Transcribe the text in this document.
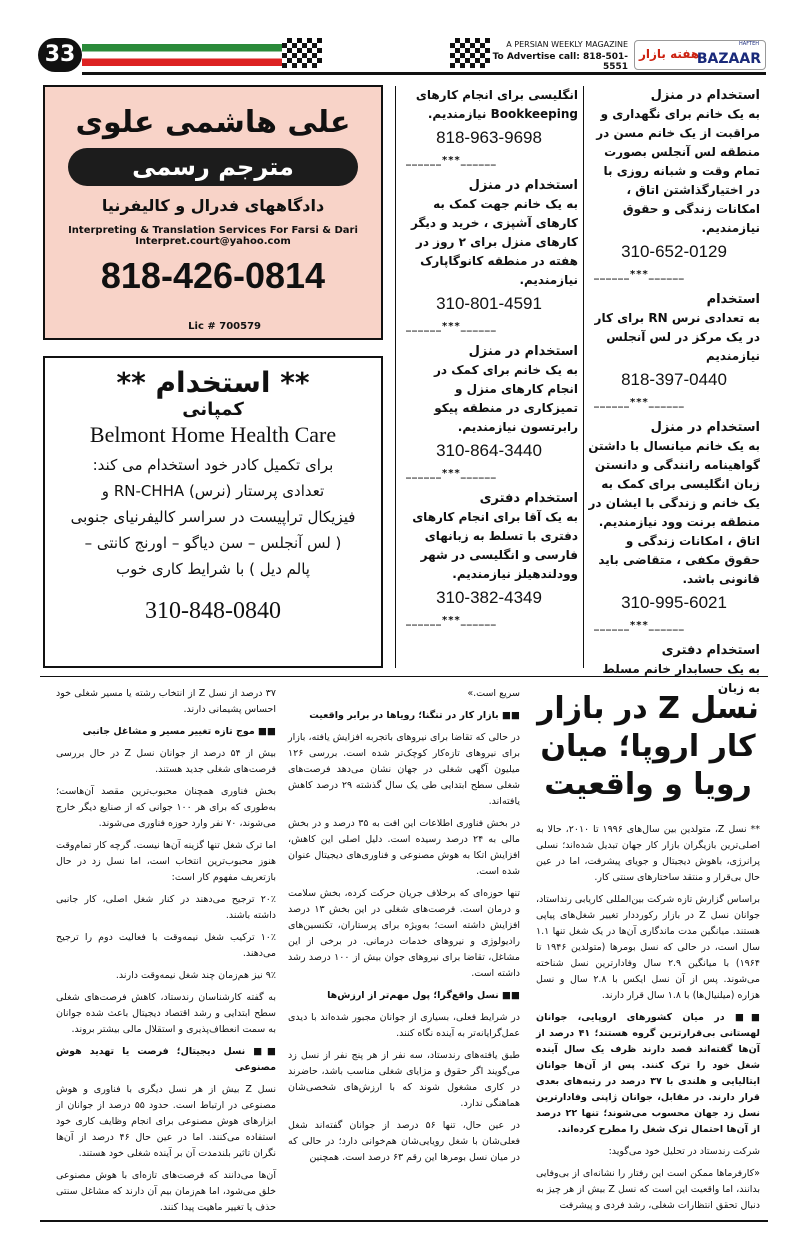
33	A PERSIAN WEEKLY MAGAZINE
To Advertise call: 818-501-5551
هفته بازار
HAFTEH
BAZAAR
علی هاشمی علوی
مترجم رسمی
دادگاههای فدرال و کالیفرنیا
Interpreting & Translation Services For Farsi & Dari
Interpret.court@yahoo.com
818-426-0814
Lic # 700579
** استخدام **
کمپانی
Belmont Home Health Care
برای تکمیل کادر خود استخدام می کند:
تعدادی پرستار (نرس) RN-CHHA و
فیزیکال تراپیست در سراسر کالیفرنیای جنوبی
( لس آنجلس – سن دیاگو – اورنج کانتی –
پالم دیل ) با شرایط کاری خوب
310-848-0840
استخدام در منزل
به یک خانم برای نگهداری و مراقبت از یک خانم مسن در منطقه لس آنجلس بصورت تمام وقت و شبانه روزی با در اختیارگذاشتن اتاق ، امکانات زندگی و حقوق نیازمندیم.
310-652-0129
______***______
استخدام
به تعدادی نرس RN برای کار در یک مرکز در لس آنجلس نیازمندیم
818-397-0440
______***______
استخدام در منزل
به یک خانم میانسال با داشتن گواهینامه رانندگی و دانستن زبان انگلیسی برای کمک به یک خانم و زندگی با ایشان در منطقه برنت وود نیازمندیم. اتاق ، امکانات زندگی و حقوق مکفی ، متقاضی باید قانونی باشد.
310-995-6021
______***______
استخدام دفتری
به یک حسابدار خانم مسلط به زبان
انگلیسی برای انجام کارهای Bookkeeping نیازمندیم.
818-963-9698
______***______
استخدام در منزل
به یک خانم جهت کمک به کارهای آشپزی ، خرید و دیگر کارهای منزل برای ۲ روز در هفته در منطقه کانوگاپارک نیازمندیم.
310-801-4591
______***______
استخدام در منزل
به یک خانم برای کمک در انجام کارهای منزل و تمیزکاری در منطقه پیکو رابرتسون نیازمندیم.
310-864-3440
______***______
استخدام دفتری
به یک آقا برای انجام کارهای دفتری با تسلط به زبانهای فارسی و انگلیسی در شهر وودلندهیلز نیازمندیم.
310-382-4349
______***______
نسل Z در بازار کار اروپا؛ میان رویا و واقعیت

** نسل Z، متولدین بین سال‌های ۱۹۹۶ تا ۲۰۱۰، حالا به اصلی‌ترین بازیگران بازار کار جهان تبدیل شده‌اند؛ نسلی پرانرژی، باهوش دیجیتال و جویای پیشرفت، اما در عین حال بی‌قرار و منتقد ساختارهای سنتی کار.

براساس گزارش تازه شرکت بین‌المللی کاریابی رنداستاد، جوانان نسل Z در بازار رکورددار تغییر شغل‌های پیاپی هستند. میانگین مدت ماندگاری آن‌ها در یک شغل تنها ۱.۱ سال است، در حالی که نسل بومرها (متولدین ۱۹۴۶ تا ۱۹۶۴) با میانگین ۲.۹ سال وفادارترین نسل شناخته می‌شوند. پس از آن نسل ایکس با ۲.۸ سال و نسل هزاره (میلنیال‌ها) با ۱.۸ سال قرار دارند.

■■ در میان کشورهای اروپایی، جوانان لهستانی بی‌قرارترین گروه هستند؛ ۴۱ درصد از آن‌ها گفته‌اند قصد دارند ظرف یک سال آینده شغل خود را ترک کنند. پس از آن‌ها جوانان ایتالیایی و هلندی با ۳۷ درصد در رتبه‌های بعدی قرار دارند. در مقابل، جوانان ژاپنی وفادارترین نسل زد جهان محسوب می‌شوند؛ تنها ۲۲ درصد از آن‌ها احتمال ترک شغل را مطرح کرده‌اند.

شرکت رندستاد در تحلیل خود می‌گوید:

«کارفرماها ممکن است این رفتار را نشانه‌ای از بی‌وفایی بدانند، اما واقعیت این است که نسل Z بیش از هر چیز به دنبال تحقق انتظارات شغلی، رشد فردی و پیشرفت

سریع است.»

■■ بازار کار در تنگنا؛ رویاها در برابر واقعیت

در حالی که تقاضا برای نیروهای باتجربه افزایش یافته، بازار برای نیروهای تازه‌کار کوچک‌تر شده است. بررسی ۱۲۶ میلیون آگهی شغلی در جهان نشان می‌دهد فرصت‌های شغلی سطح ابتدایی طی یک سال گذشته ۲۹ درصد کاهش یافته‌اند.

در بخش فناوری اطلاعات این افت به ۳۵ درصد و در بخش مالی به ۲۴ درصد رسیده است. دلیل اصلی این کاهش، افزایش اتکا به هوش مصنوعی و فناوری‌های دیجیتال عنوان شده است.

تنها حوزه‌ای که برخلاف جریان حرکت کرده، بخش سلامت و درمان است. فرصت‌های شغلی در این بخش ۱۳ درصد افزایش داشته است؛ به‌ویژه برای پرستاران، تکنسین‌های رادیولوژی و نیروهای خدمات درمانی. در برخی از این مشاغل، تقاضا برای نیروهای جوان بیش از ۱۰۰ درصد رشد داشته است.

■■ نسل واقع‌گرا؛ پول مهم‌تر از ارزش‌ها

در شرایط فعلی، بسیاری از جوانان مجبور شده‌اند با دیدی عمل‌گرایانه‌تر به آینده نگاه کنند.

طبق یافته‌های رندستاد، سه نفر از هر پنج نفر از نسل زد می‌گویند اگر حقوق و مزایای شغلی مناسب باشد، حاضرند در کاری مشغول شوند که با ارزش‌های شخصی‌شان هماهنگی ندارد.

در عین حال، تنها ۵۶ درصد از جوانان گفته‌اند شغل فعلی‌شان با شغل رویایی‌شان هم‌خوانی دارد؛ در حالی که در میان نسل بومرها این رقم ۶۳ درصد است. همچنین

۳۷ درصد از نسل Z از انتخاب رشته یا مسیر شغلی خود احساس پشیمانی دارند.

■■ موج تازه تغییر مسیر و مشاغل جانبی

بیش از ۵۴ درصد از جوانان نسل Z در حال بررسی فرصت‌های شغلی جدید هستند.

بخش فناوری همچنان محبوب‌ترین مقصد آن‌هاست؛ به‌طوری که برای هر ۱۰۰ جوانی که از صنایع دیگر خارج می‌شوند، ۷۰ نفر وارد حوزه فناوری می‌شوند.

اما ترک شغل تنها گزینه آن‌ها نیست. گرچه کار تمام‌وقت هنوز محبوب‌ترین انتخاب است، اما نسل زد در حال بازتعریف مفهوم کار است:

۲۰٪ ترجیح می‌دهند در کنار شغل اصلی، کار جانبی داشته باشند.

۱۰٪ ترکیب شغل نیمه‌وقت با فعالیت دوم را ترجیح می‌دهند.

۹٪ نیز هم‌زمان چند شغل نیمه‌وقت دارند.

به گفته کارشناسان رندستاد، کاهش فرصت‌های شغلی سطح ابتدایی و رشد اقتصاد دیجیتال باعث شده جوانان به سمت انعطاف‌پذیری و استقلال مالی بیشتر بروند.

■■ نسل دیجیتال؛ فرصت یا تهدید هوش مصنوعی

نسل Z بیش از هر نسل دیگری با فناوری و هوش مصنوعی در ارتباط است. حدود ۵۵ درصد از جوانان از ابزارهای هوش مصنوعی برای انجام وظایف کاری خود استفاده می‌کنند. اما در عین حال ۴۶ درصد از آن‌ها نگران تاثیر بلندمدت آن بر آینده شغلی خود هستند.

آن‌ها می‌دانند که فرصت‌های تازه‌ای با هوش مصنوعی خلق می‌شود، اما هم‌زمان بیم آن دارند که مشاغل سنتی حذف یا تغییر ماهیت پیدا کنند.
